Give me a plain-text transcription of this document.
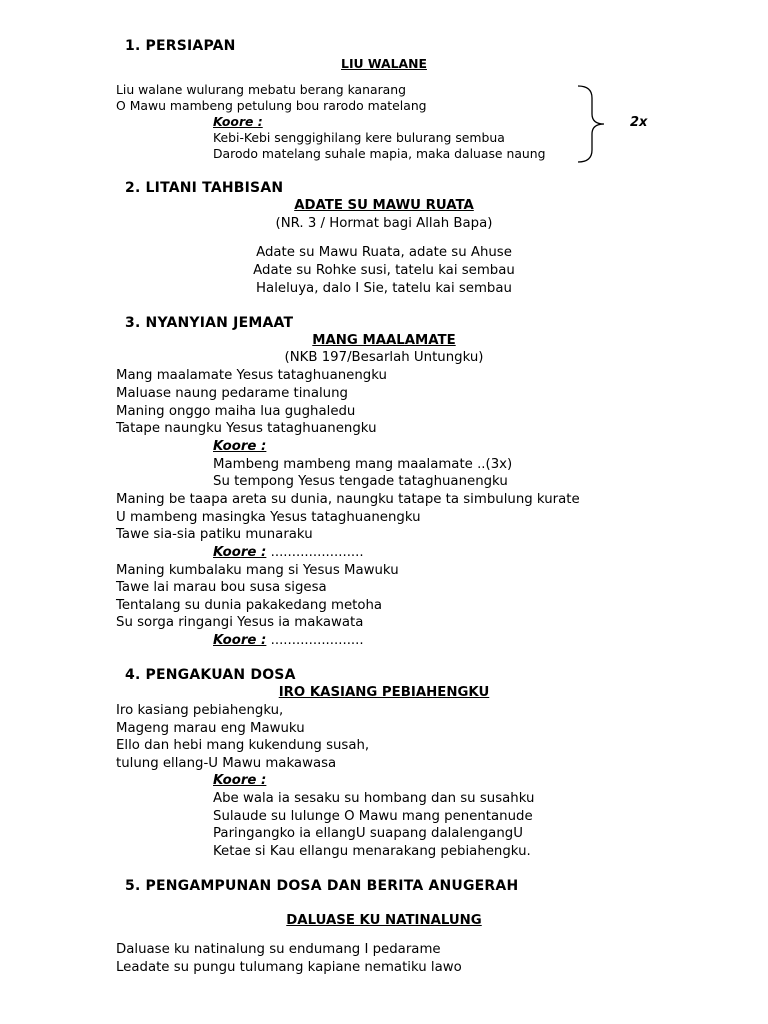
1. PERSIAPAN
LIU WALANE
Liu walane wulurang mebatu berang kanarang
O Mawu mambeng petulung bou rarodo matelang
Koore :
Kebi-Kebi senggighilang kere bulurang sembua
Darodo matelang suhale mapia, maka daluase naung
2x
2. LITANI TAHBISAN
ADATE SU MAWU RUATA
(NR. 3 / Hormat bagi Allah Bapa)
Adate su Mawu Ruata, adate su Ahuse
Adate su Rohke susi, tatelu kai sembau
Haleluya, dalo I Sie, tatelu kai sembau
3. NYANYIAN JEMAAT
MANG MAALAMATE
(NKB 197/Besarlah Untungku)
Mang maalamate Yesus tataghuanengku
Maluase naung pedarame tinalung
Maning onggo maiha lua gughaledu
Tatape naungku Yesus tataghuanengku
Koore :
Mambeng mambeng mang maalamate ..(3x)
Su tempong Yesus tengade tataghuanengku
Maning be taapa areta su dunia, naungku tatape ta simbulung kurate
U mambeng masingka Yesus tataghuanengku
Tawe sia-sia patiku munaraku
Koore : ......................
Maning kumbalaku mang si Yesus Mawuku
Tawe lai marau bou susa sigesa
Tentalang su dunia pakakedang metoha
Su sorga ringangi Yesus ia makawata
Koore : ......................
4. PENGAKUAN DOSA
IRO KASIANG PEBIAHENGKU
Iro kasiang pebiahengku,
Mageng marau eng Mawuku
Ello dan hebi mang kukendung susah,
tulung ellang-U Mawu makawasa
Koore :
Abe wala ia sesaku su hombang dan su susahku
Sulaude su lulunge O Mawu mang penentanude
Paringangko ia ellangU suapang dalalengangU
Ketae si Kau ellangu menarakang pebiahengku.
5. PENGAMPUNAN DOSA DAN BERITA ANUGERAH
DALUASE KU NATINALUNG
Daluase ku natinalung su endumang I pedarame
Leadate su pungu tulumang kapiane nematiku lawo
